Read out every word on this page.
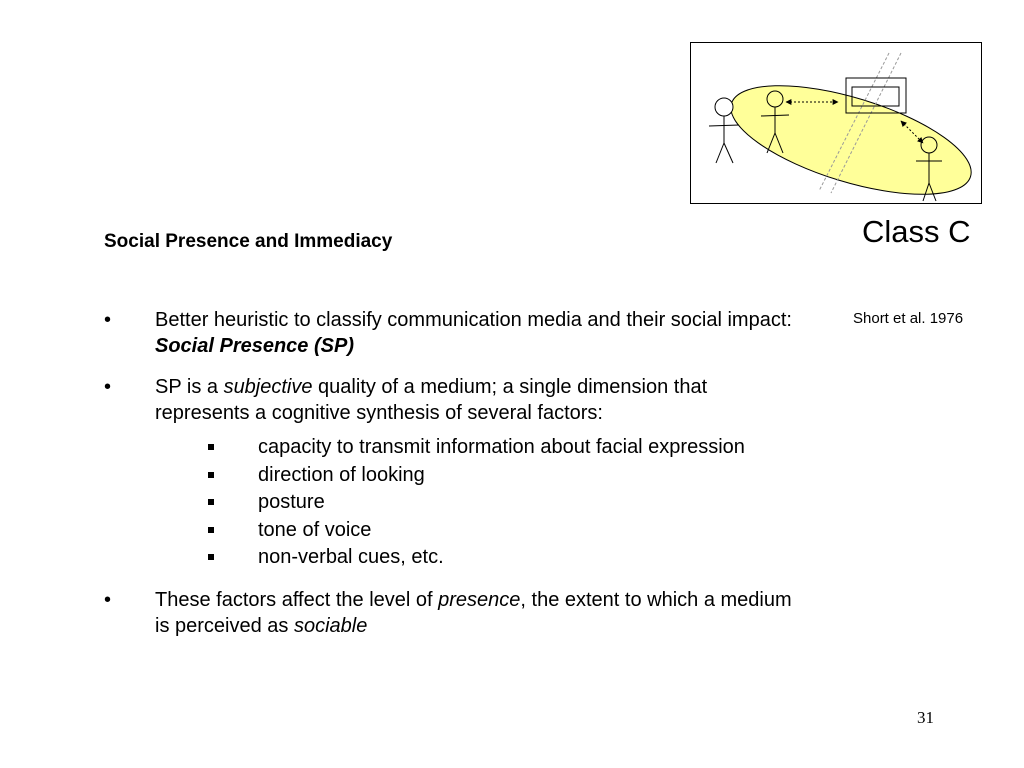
Class C
Social Presence and Immediacy
Short et al. 1976
• Better heuristic to classify communication media and their social impact: Social Presence (SP)
• SP is a subjective quality of a medium; a single dimension that represents a cognitive synthesis of several factors:
capacity to transmit information about facial expression
direction of looking
posture
tone of voice
non-verbal cues, etc.
• These factors affect the level of presence, the extent to which a medium is perceived as sociable
31
